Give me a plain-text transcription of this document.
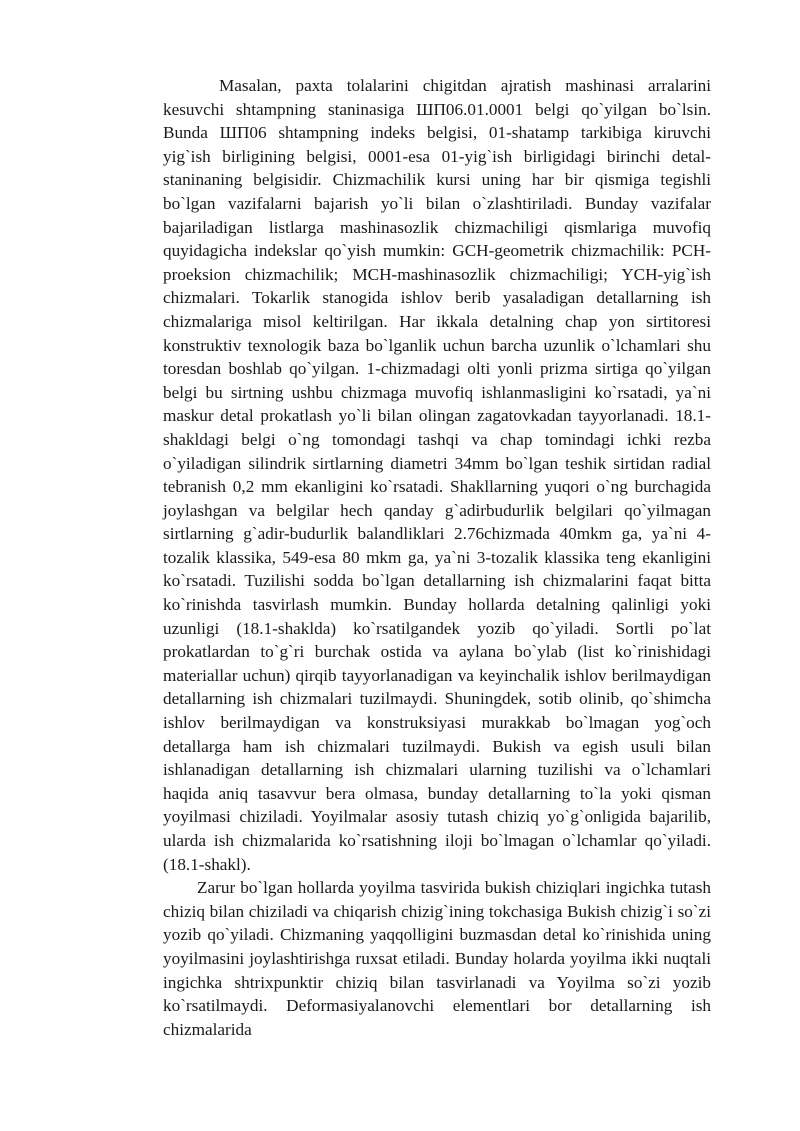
Masalan, paxta tolalarini chigitdan ajratish mashinasi arralarini kesuvchi shtampning staninasiga ШП06.01.0001 belgi qo`yilgan bo`lsin. Bunda ШП06 shtampning indeks belgisi, 01-shatamp tarkibiga kiruvchi yig`ish birligining belgisi, 0001-esa 01-yig`ish birligidagi birinchi detal-staninaning belgisidir. Chizmachilik kursi uning har bir qismiga tegishli bo`lgan vazifalarni bajarish yo`li bilan o`zlashtiriladi. Bunday vazifalar bajariladigan listlarga mashinasozlik chizmachiligi qismlariga muvofiq quyidagicha indekslar qo`yish mumkin: GCH-geometrik chizmachilik: PCH-proeksion chizmachilik; MCH-mashinasozlik chizmachiligi; YCH-yig`ish chizmalari. Tokarlik stanogida ishlov berib yasaladigan detallarning ish chizmalariga misol keltirilgan. Har ikkala detalning chap yon sirtitoresi konstruktiv texnologik baza bo`lganlik uchun barcha uzunlik o`lchamlari shu toresdan boshlab qo`yilgan. 1-chizmadagi olti yonli prizma sirtiga qo`yilgan belgi bu sirtning ushbu chizmaga muvofiq ishlanmasligini ko`rsatadi, ya`ni maskur detal prokatlash yo`li bilan olingan zagatovkadan tayyorlanadi. 18.1-shakldagi belgi o`ng tomondagi tashqi va chap tomindagi ichki rezba o`yiladigan silindrik sirtlarning diametri 34mm bo`lgan teshik sirtidan radial tebranish 0,2 mm ekanligini ko`rsatadi. Shakllarning yuqori o`ng burchagida joylashgan va belgilar hech qanday g`adirbudurlik belgilari qo`yilmagan sirtlarning g`adir-budurlik balandliklari 2.76chizmada 40mkm ga, ya`ni 4-tozalik klassika, 549-esa 80 mkm ga, ya`ni 3-tozalik klassika teng ekanligini ko`rsatadi. Tuzilishi sodda bo`lgan detallarning ish chizmalarini faqat bitta ko`rinishda tasvirlash mumkin. Bunday hollarda detalning qalinligi yoki uzunligi (18.1-shaklda) ko`rsatilgandek yozib qo`yiladi. Sortli po`lat prokatlardan to`g`ri burchak ostida va aylana bo`ylab (list ko`rinishidagi materiallar uchun) qirqib tayyorlanadigan va keyinchalik ishlov berilmaydigan detallarning ish chizmalari tuzilmaydi. Shuningdek, sotib olinib, qo`shimcha ishlov berilmaydigan va konstruksiyasi murakkab bo`lmagan yog`och detallarga ham ish chizmalari tuzilmaydi. Bukish va egish usuli bilan ishlanadigan detallarning ish chizmalari ularning tuzilishi va o`lchamlari haqida aniq tasavvur bera olmasa, bunday detallarning to`la yoki qisman yoyilmasi chiziladi. Yoyilmalar asosiy tutash chiziq yo`g`onligida bajarilib, ularda ish chizmalarida ko`rsatishning iloji bo`lmagan o`lchamlar qo`yiladi. (18.1-shakl).

Zarur bo`lgan hollarda yoyilma tasvirida bukish chiziqlari ingichka tutash chiziq bilan chiziladi va chiqarish chizig`ining tokchasiga Bukish chizig`i so`zi yozib qo`yiladi. Chizmaning yaqqolligini buzmasdan detal ko`rinishida uning yoyilmasini joylashtirishga ruxsat etiladi. Bunday holarda yoyilma ikki nuqtali ingichka shtrixpunktir chiziq bilan tasvirlanadi va Yoyilma so`zi yozib ko`rsatilmaydi. Deformasiyalanovchi elementlari bor detallarning ish chizmalarida
